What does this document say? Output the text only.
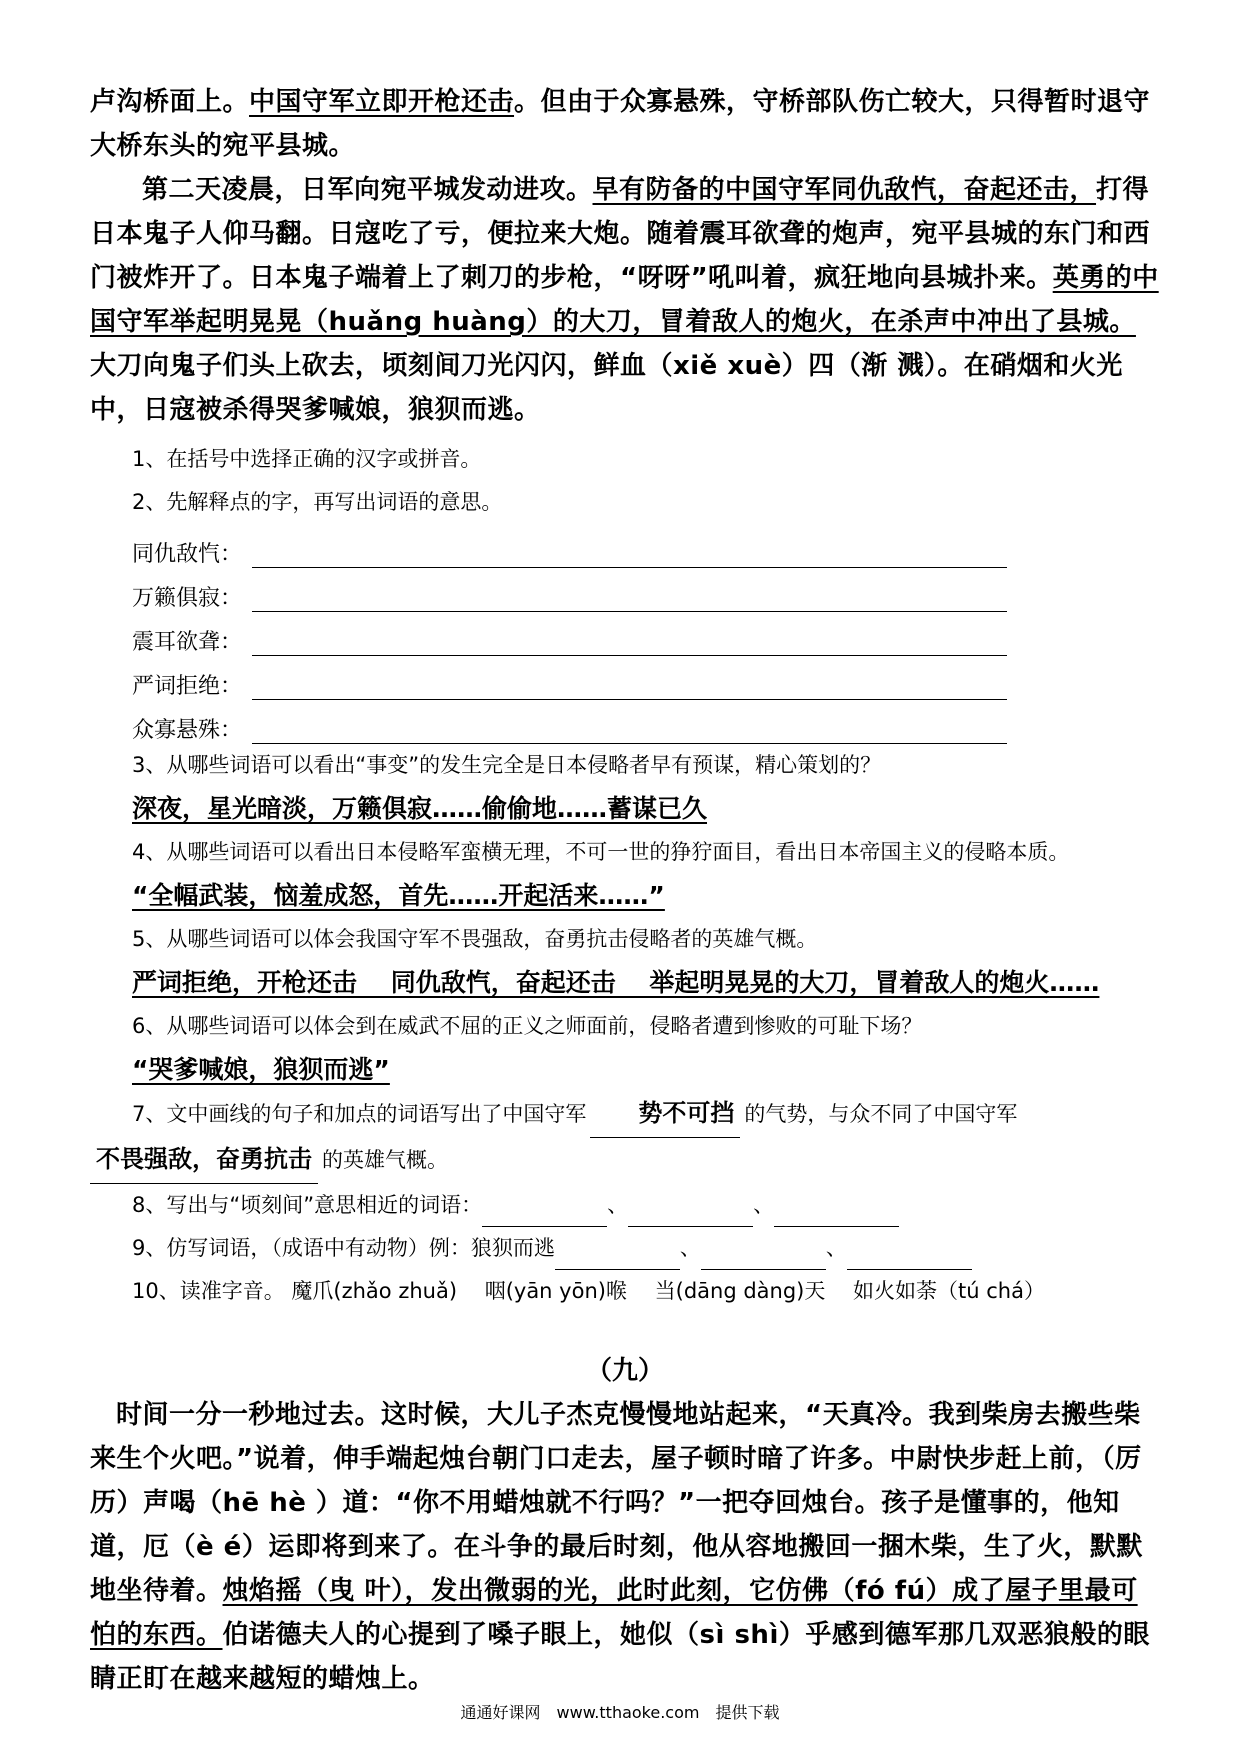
卢沟桥面上。中国守军立即开枪还击。但由于众寡悬殊，守桥部队伤亡较大，只得暂时退守大桥东头的宛平县城。

第二天凌晨，日军向宛平城发动进攻。早有防备的中国守军同仇敌忾，奋起还击，打得日本鬼子人仰马翻。日寇吃了亏，便拉来大炮。随着震耳欲聋的炮声，宛平县城的东门和西门被炸开了。日本鬼子端着上了刺刀的步枪，“呀呀”吼叫着，疯狂地向县城扑来。英勇的中国守军举起明晃晃（huǎng huàng）的大刀，冒着敌人的炮火，在杀声中冲出了县城。大刀向鬼子们头上砍去，顷刻间刀光闪闪，鲜血（xiě xuè）四（渐 溅）。在硝烟和火光中，日寇被杀得哭爹喊娘，狼狈而逃。

1、在括号中选择正确的汉字或拼音。

2、先解释点的字，再写出词语的意思。

同仇敌忾：
万籁俱寂：
震耳欲聋：
严词拒绝：
众寡悬殊：

3、从哪些词语可以看出“事变”的发生完全是日本侵略者早有预谋，精心策划的？

深夜，星光暗淡，万籁俱寂……偷偷地……蓄谋已久

4、从哪些词语可以看出日本侵略军蛮横无理，不可一世的狰狞面目，看出日本帝国主义的侵略本质。

“全幅武装，恼羞成怒，首先……开起活来……”

5、从哪些词语可以体会我国守军不畏强敌，奋勇抗击侵略者的英雄气概。

严词拒绝，开枪还击　 同仇敌忾，奋起还击　 举起明晃晃的大刀，冒着敌人的炮火……

6、从哪些词语可以体会到在威武不屈的正义之师面前，侵略者遭到惨败的可耻下场？

“哭爹喊娘，狼狈而逃”

7、文中画线的句子和加点的词语写出了中国守军 势不可挡 的气势，与众不同了中国守军
不畏强敌，奋勇抗击 的英雄气概。

8、写出与“顷刻间”意思相近的词语：	、	、

9、仿写词语，（成语中有动物）例：狼狈而逃	、	、

10、读准字音。 魔爪(zhǎo zhuǎ)　 咽(yān yōn)喉　 当(dāng dàng)天　 如火如荼（tú chá）

（九）

时间一分一秒地过去。这时候，大儿子杰克慢慢地站起来，“天真冷。我到柴房去搬些柴来生个火吧。”说着，伸手端起烛台朝门口走去，屋子顿时暗了许多。中尉快步赶上前，（厉 历）声喝（hē hè ）道：“你不用蜡烛就不行吗？”一把夺回烛台。孩子是懂事的，他知道，厄（è é）运即将到来了。在斗争的最后时刻，他从容地搬回一捆木柴，生了火，默默地坐待着。烛焰摇（曳 叶），发出微弱的光，此时此刻，它仿佛（fó fú）成了屋子里最可怕的东西。伯诺德夫人的心提到了嗓子眼上，她似（sì shì）乎感到德军那几双恶狼般的眼睛正盯在越来越短的蜡烛上。

通通好课网　www.tthaoke.com　提供下载
